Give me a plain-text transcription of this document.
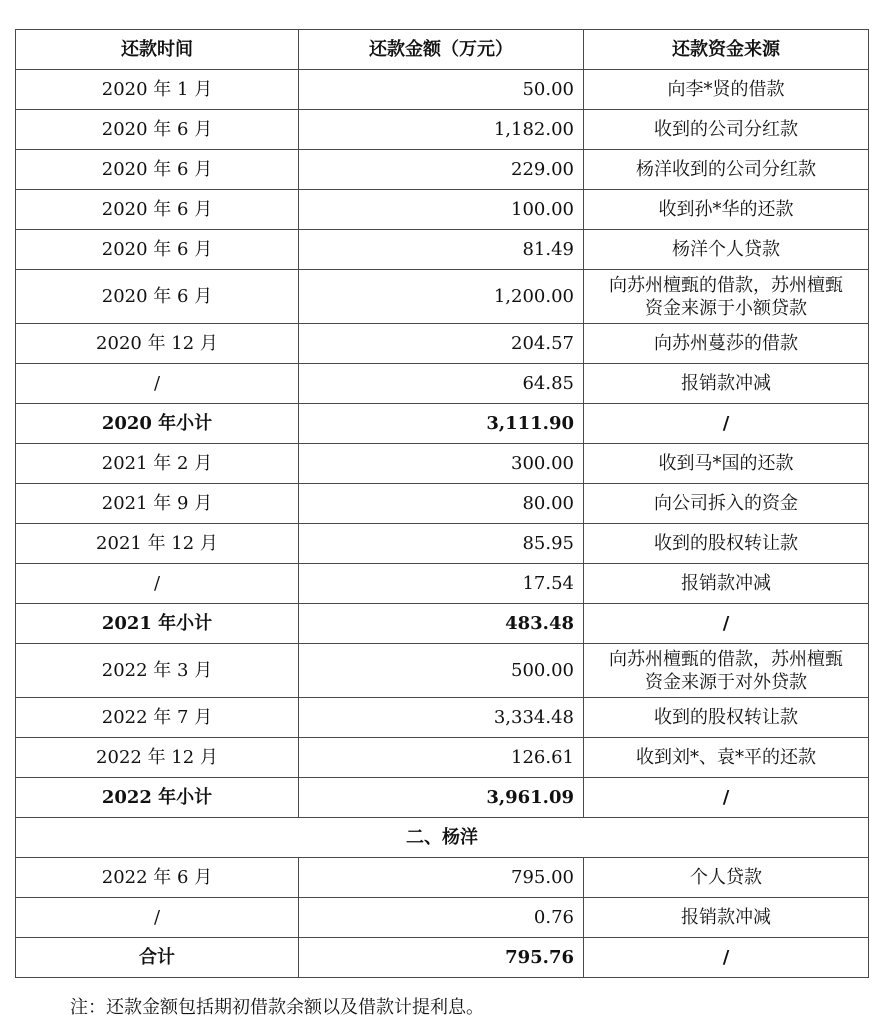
还款时间	还款金额（万元）	还款资金来源
2020 年 1 月	50.00	向李*贤的借款
2020 年 6 月	1,182.00	收到的公司分红款
2020 年 6 月	229.00	杨洋收到的公司分红款
2020 年 6 月	100.00	收到孙*华的还款
2020 年 6 月	81.49	杨洋个人贷款
2020 年 6 月	1,200.00	向苏州檀甄的借款，苏州檀甄
资金来源于小额贷款

2020 年 12 月	204.57	向苏州蔓莎的借款
/	64.85	报销款冲减
2020 年小计	3,111.90	/
2021 年 2 月	300.00	收到马*国的还款
2021 年 9 月	80.00	向公司拆入的资金
2021 年 12 月	85.95	收到的股权转让款
/	17.54	报销款冲减
2021 年小计	483.48	/
2022 年 3 月	500.00	向苏州檀甄的借款，苏州檀甄
资金来源于对外贷款

2022 年 7 月	3,334.48	收到的股权转让款
2022 年 12 月	126.61	收到刘*、袁*平的还款
2022 年小计	3,961.09	/
二、杨洋		
2022 年 6 月	795.00	个人贷款
/	0.76	报销款冲减
合计	795.76	/
注：还款金额包括期初借款余额以及借款计提利息。
